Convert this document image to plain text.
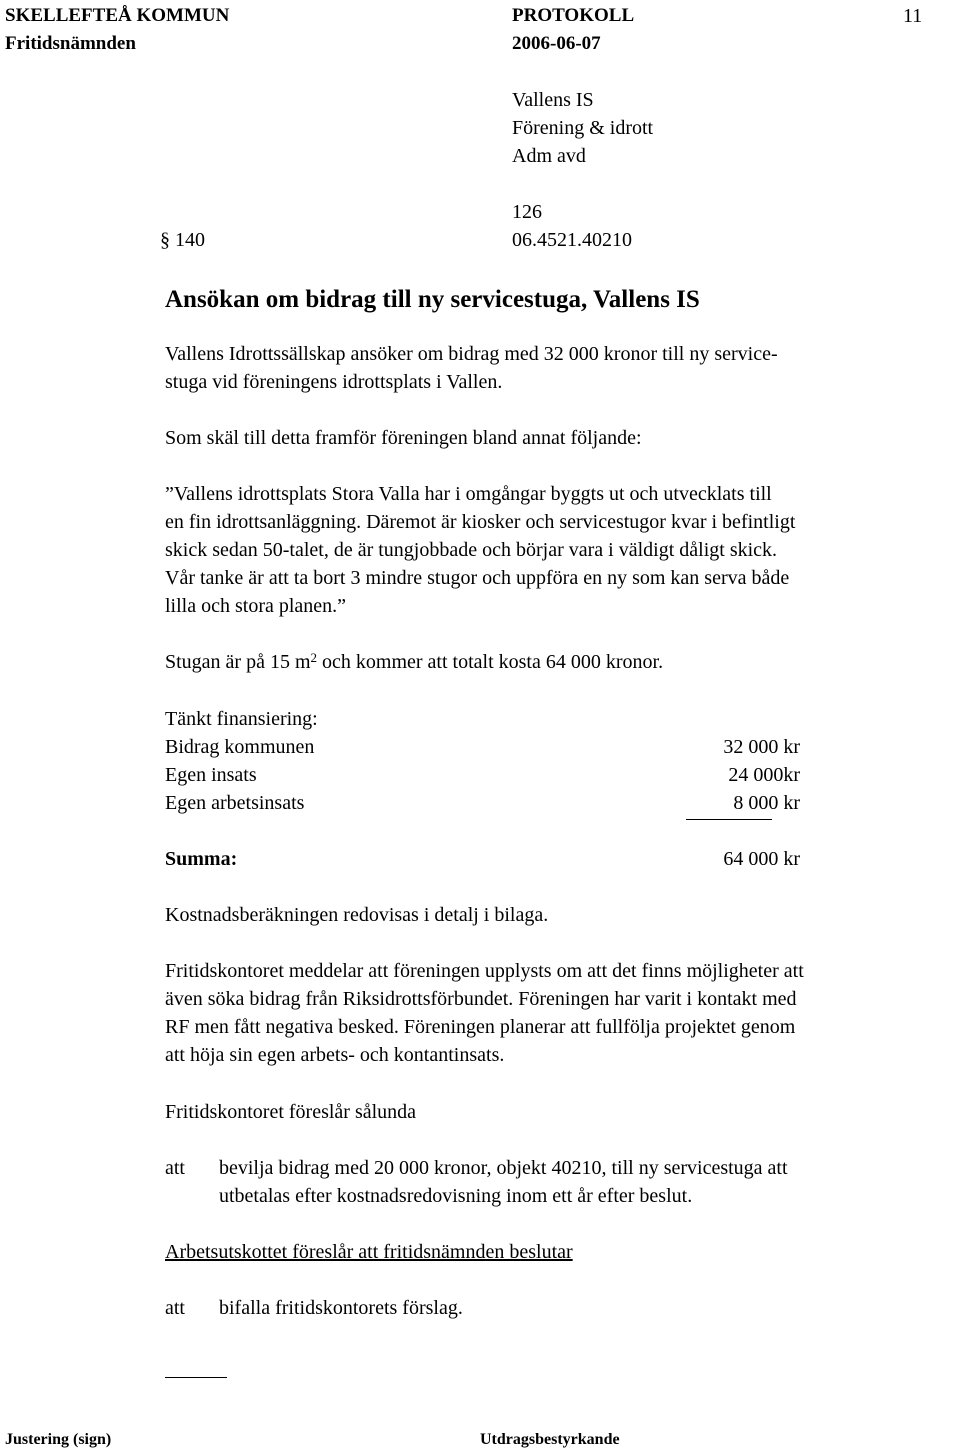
SKELLEFTEÅ KOMMUN
Fritidsnämnden
PROTOKOLL
2006-06-07
11
Vallens IS
Förening & idrott
Adm avd
126
§ 140	06.4521.40210
Ansökan om bidrag till ny servicestuga, Vallens IS
Vallens Idrottssällskap ansöker om bidrag med 32 000 kronor till ny service-
stuga vid föreningens idrottsplats i Vallen.
Som skäl till detta framför föreningen bland annat följande:
”Vallens idrottsplats Stora Valla har i omgångar byggts ut och utvecklats till
en fin idrottsanläggning. Däremot är kiosker och servicestugor kvar i befintligt
skick sedan 50-talet, de är tungjobbade och börjar vara i väldigt dåligt skick.
Vår tanke är att ta bort 3 mindre stugor och uppföra en ny som kan serva både
lilla och stora planen.”
Stugan är på 15 $m^2$ och kommer att totalt kosta 64 000 kronor.
Tänkt finansiering:
Bidrag kommunen	32 000 kr
Egen insats	24 000kr
Egen arbetsinsats	8 000 kr
Summa:	64 000 kr
Kostnadsberäkningen redovisas i detalj i bilaga.
Fritidskontoret meddelar att föreningen upplysts om att det finns möjligheter att
även söka bidrag från Riksidrottsförbundet. Föreningen har varit i kontakt med
RF men fått negativa besked. Föreningen planerar att fullfölja projektet genom
att höja sin egen arbets- och kontantinsats.
Fritidskontoret föreslår sålunda
att bevilja bidrag med 20 000 kronor, objekt 40210, till ny servicestuga att
utbetalas efter kostnadsredovisning inom ett år efter beslut.
Arbetsutskottet föreslår att fritidsnämnden beslutar
att bifalla fritidskontorets förslag.
Justering (sign)	Utdragsbestyrkande
